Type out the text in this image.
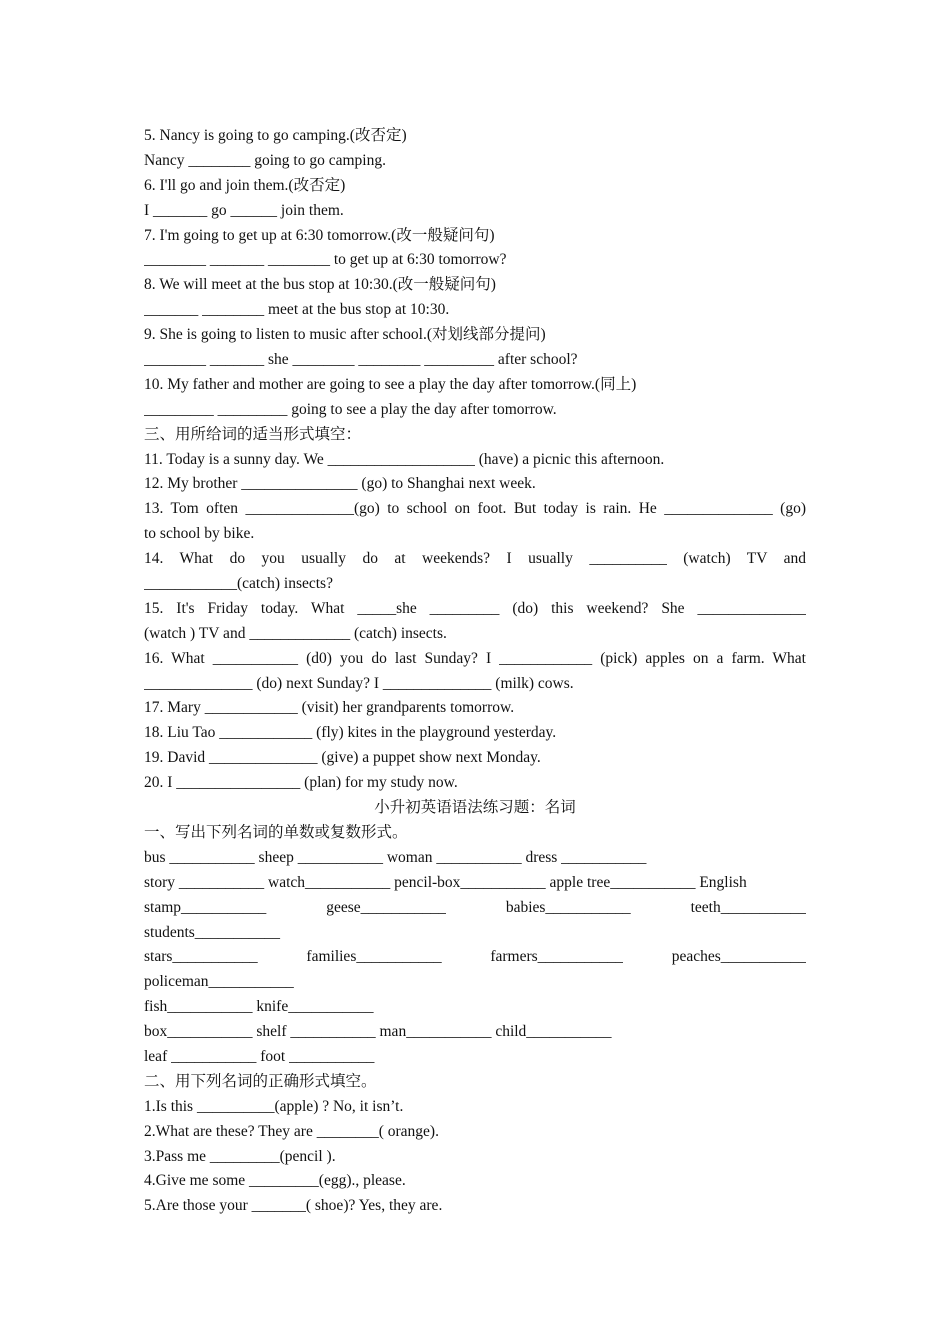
5. Nancy is going to go camping.(改否定)
Nancy ________ going to go camping.
6. I'll go and join them.(改否定)
I _______ go ______ join them.
7. I'm going to get up at 6:30 tomorrow.(改一般疑问句)
________ _______ ________ to get up at 6:30 tomorrow?
8. We will meet at the bus stop at 10:30.(改一般疑问句)
_______ ________ meet at the bus stop at 10:30.
9. She is going to listen to music after school.(对划线部分提问)
________ _______ she ________ ________ _________ after school?
10. My father and mother are going to see a play the day after tomorrow.(同上)
_________ _________ going to see a play the day after tomorrow.
三、用所给词的适当形式填空：
11. Today is a sunny day. We ___________________ (have) a picnic this afternoon.
12. My brother _______________ (go) to Shanghai next week.
13. Tom often ______________(go) to school on foot. But today is rain. He ______________ (go)
to school by bike.
14. What do you usually do at weekends? I usually __________ (watch) TV and
____________(catch) insects?
15. It's Friday today. What _____she _________ (do) this weekend? She ______________
(watch ) TV and _____________ (catch) insects.
16. What ___________ (d0) you do last Sunday? I ____________ (pick) apples on a farm. What
______________ (do) next Sunday? I ______________ (milk) cows.
17. Mary ____________ (visit) her grandparents tomorrow.
18. Liu Tao ____________ (fly) kites in the playground yesterday.
19. David ______________ (give) a puppet show next Monday.
20. I ________________ (plan) for my study now.
小升初英语语法练习题：名词
一、写出下列名词的单数或复数形式。
bus ___________ sheep ___________ woman ___________ dress ___________
story ___________ watch___________ pencil-box___________ apple tree___________ English
stamp___________ geese___________ babies___________ teeth___________
students___________
stars___________ families___________ farmers___________ peaches___________
policeman___________
fish___________ knife___________
box___________ shelf ___________ man___________ child___________
leaf ___________ foot ___________
二、用下列名词的正确形式填空。
1.Is this __________(apple) ? No, it isn’t.
2.What are these? They are ________( orange).
3.Pass me _________(pencil ).
4.Give me some _________(egg)., please.
5.Are those your _______( shoe)? Yes, they are.
